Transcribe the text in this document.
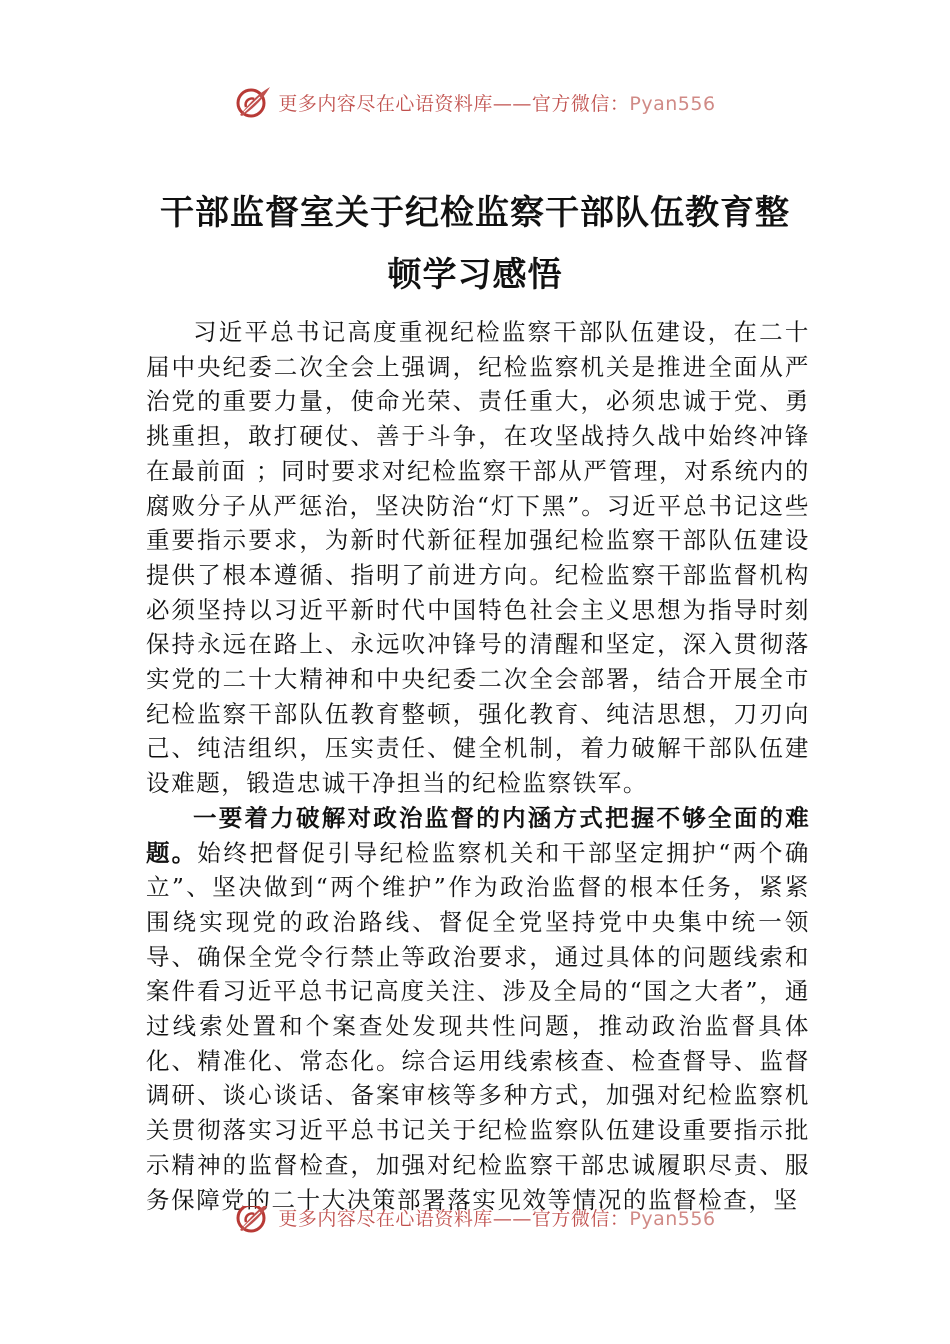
更多内容尽在心语资料库——官方微信：Pyan556
干部监督室关于纪检监察干部队伍教育整顿学习感悟

习近平总书记高度重视纪检监察干部队伍建设，在二十届中央纪委二次全会上强调，纪检监察机关是推进全面从严治党的重要力量，使命光荣、责任重大，必须忠诚于党、勇挑重担，敢打硬仗、善于斗争，在攻坚战持久战中始终冲锋在最前面 ；同时要求对纪检监察干部从严管理，对系统内的腐败分子从严惩治，坚决防治“灯下黑”。习近平总书记这些重要指示要求，为新时代新征程加强纪检监察干部队伍建设提供了根本遵循、指明了前进方向。纪检监察干部监督机构必须坚持以习近平新时代中国特色社会主义思想为指导时刻保持永远在路上、永远吹冲锋号的清醒和坚定，深入贯彻落实党的二十大精神和中央纪委二次全会部署，结合开展全市纪检监察干部队伍教育整顿，强化教育、纯洁思想，刀刃向己、纯洁组织，压实责任、健全机制，着力破解干部队伍建设难题，锻造忠诚干净担当的纪检监察铁军。

一要着力破解对政治监督的内涵方式把握不够全面的难题。始终把督促引导纪检监察机关和干部坚定拥护“两个确立”、坚决做到“两个维护”作为政治监督的根本任务，紧紧围绕实现党的政治路线、督促全党坚持党中央集中统一领导、确保全党令行禁止等政治要求，通过具体的问题线索和案件看习近平总书记高度关注、涉及全局的“国之大者”，通过线索处置和个案查处发现共性问题，推动政治监督具体化、精准化、常态化。综合运用线索核查、检查督导、监督调研、谈心谈话、备案审核等多种方式，加强对纪检监察机关贯彻落实习近平总书记关于纪检监察队伍建设重要指示批示精神的监督检查，加强对纪检监察干部忠诚履职尽责、服务保障党的二十大决策部署落实见效等情况的监督检查，坚

更多内容尽在心语资料库——官方微信：Pyan556
